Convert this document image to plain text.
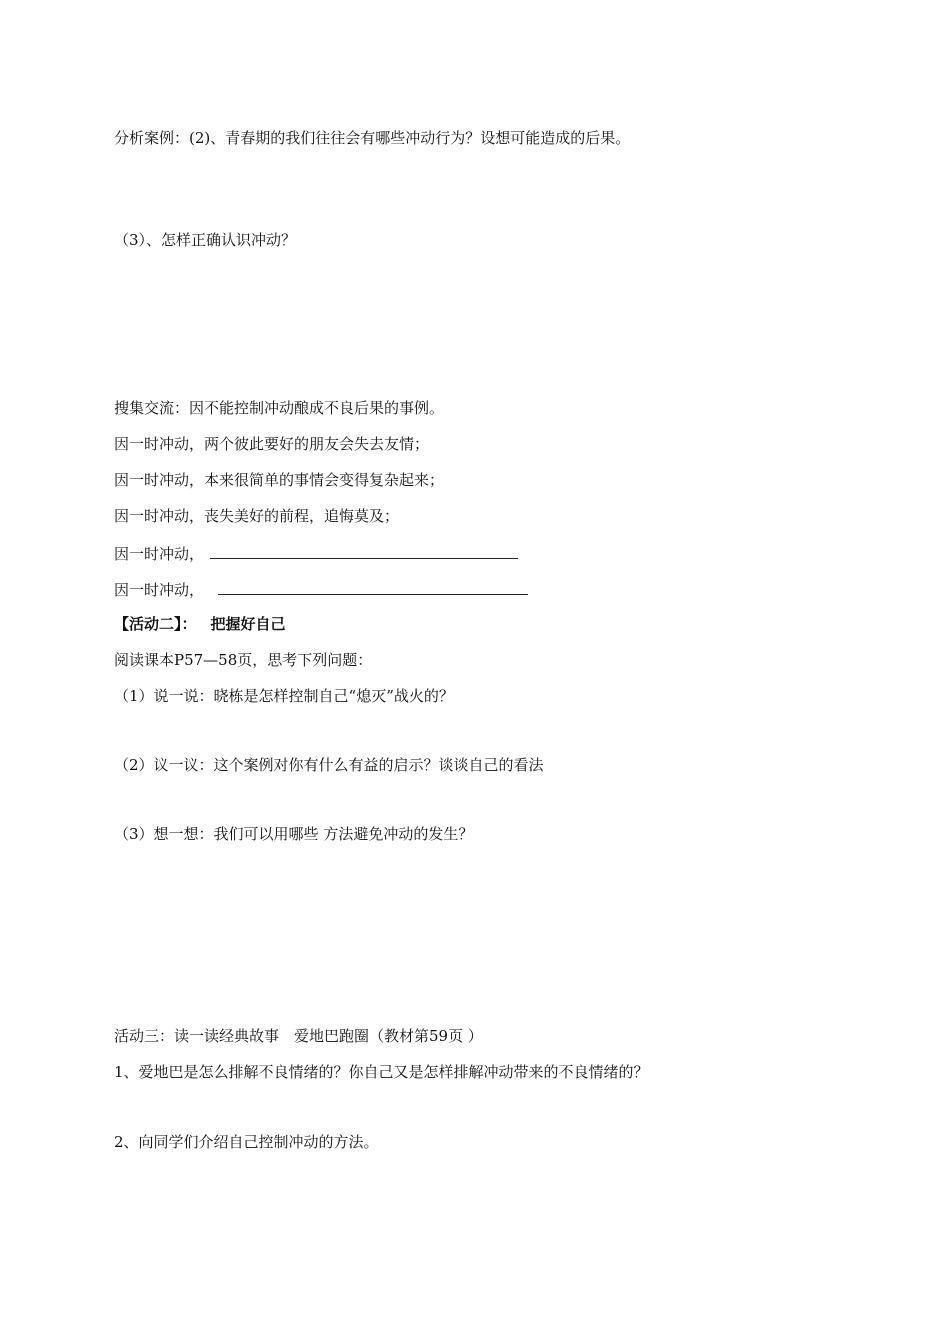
分析案例：(2)、青春期的我们往往会有哪些冲动行为？设想可能造成的后果。
（3）、怎样正确认识冲动？
搜集交流：因不能控制冲动酿成不良后果的事例。
因一时冲动，两个彼此要好的朋友会失去友情；
因一时冲动，本来很简单的事情会变得复杂起来；
因一时冲动，丧失美好的前程，追悔莫及；
因一时冲动，
因一时冲动，
【活动二】： 把握好自己
阅读课本P57—58页，思考下列问题：
（1）说一说：晓栋是怎样控制自己“熄灭”战火的？
（2）议一议：这个案例对你有什么有益的启示？谈谈自己的看法
（3）想一想：我们可以用哪些 方法避免冲动的发生？
活动三：读一读经典故事　爱地巴跑圈（教材第59页 ）
1、爱地巴是怎么排解不良情绪的？你自己又是怎样排解冲动带来的不良情绪的？
2、向同学们介绍自己控制冲动的方法。
